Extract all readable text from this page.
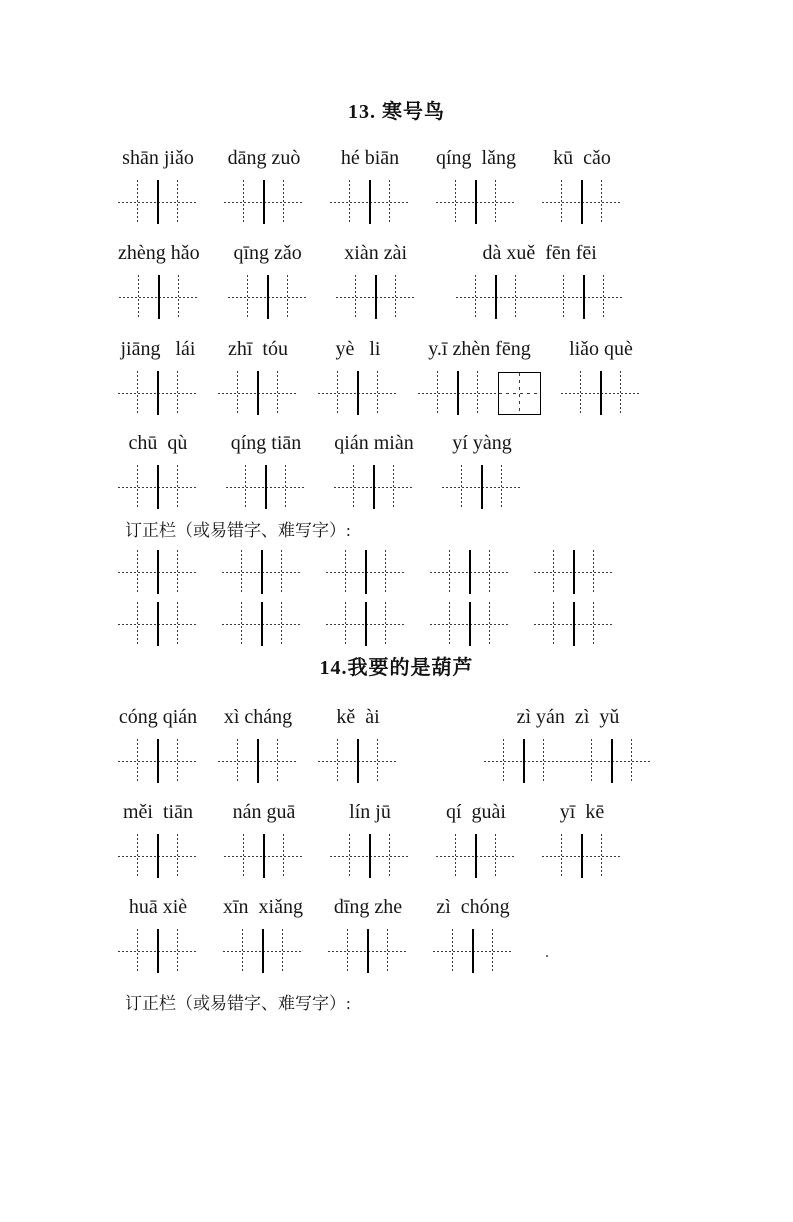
13. 寒号鸟
shān jiǎo dāng zuò hé biān qíng  lǎng kū  cǎo
zhèng hǎo qīng zǎo xiàn zài	dà xuě  fēn fēi
jiāng   lái zhī  tóu yè   li y.ī zhèn fēng liǎo què
chū  qù qíng tiān qián miàn yí yàng
订正栏（或易错字、难写字）:
14.我要的是葫芦
cóng qián xì cháng kě  ài	zì yán  zì  yǔ
měi  tiān nán guā	lín jū	qí  guài	yī  kē
huā xiè xīn  xiǎng dīng zhe zì  chóng
.
订正栏（或易错字、难写字）:
